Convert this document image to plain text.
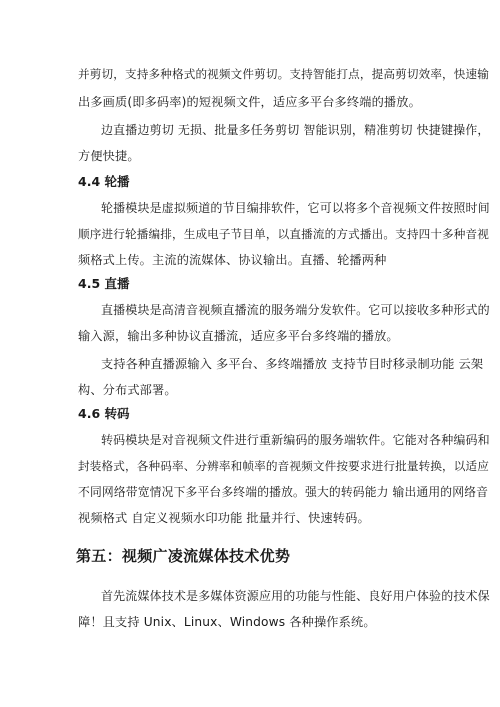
并剪切，支持多种格式的视频文件剪切。支持智能打点，提高剪切效率，快速输
出多画质(即多码率)的短视频文件，适应多平台多终端的播放。
边直播边剪切 无损、批量多任务剪切 智能识别，精准剪切 快捷键操作，
方便快捷。
4.4 轮播
轮播模块是虚拟频道的节目编排软件，它可以将多个音视频文件按照时间
顺序进行轮播编排，生成电子节目单，以直播流的方式播出。支持四十多种音视
频格式上传。主流的流媒体、协议输出。直播、轮播两种
4.5 直播
直播模块是高清音视频直播流的服务端分发软件。它可以接收多种形式的
输入源，输出多种协议直播流，适应多平台多终端的播放。
支持各种直播源输入 多平台、多终端播放 支持节目时移录制功能 云架
构、分布式部署。
4.6 转码
转码模块是对音视频文件进行重新编码的服务端软件。它能对各种编码和
封装格式，各种码率、分辨率和帧率的音视频文件按要求进行批量转换，以适应
不同网络带宽情况下多平台多终端的播放。强大的转码能力 输出通用的网络音
视频格式 自定义视频水印功能 批量并行、快速转码。
第五：视频广凌流媒体技术优势
首先流媒体技术是多媒体资源应用的功能与性能、良好用户体验的技术保
障！且支持 Unix、Linux、Windows 各种操作系统。
